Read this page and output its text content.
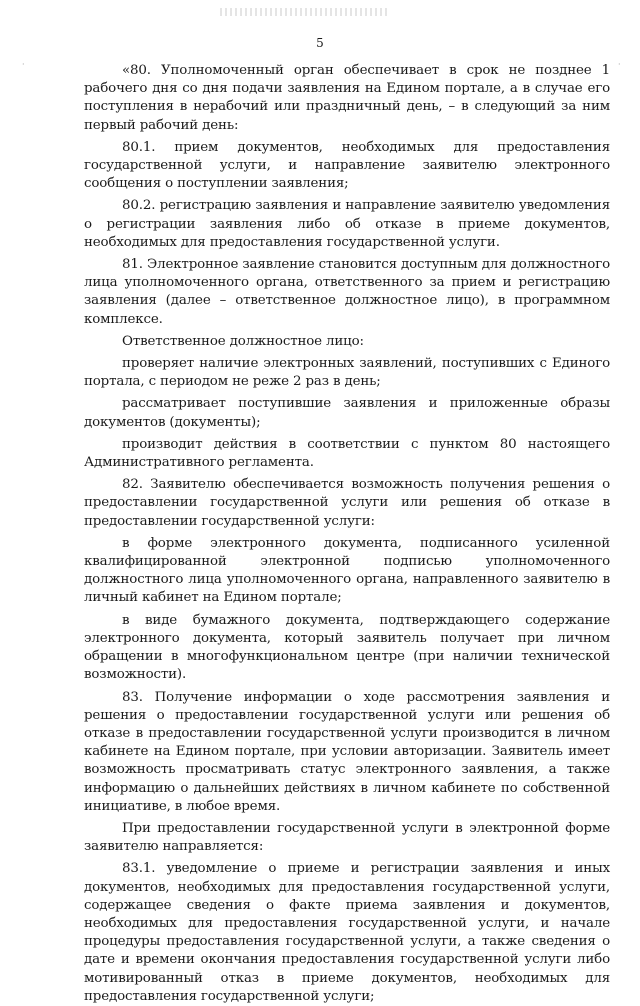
·	·
5

«80. Уполномоченный орган обеспечивает в срок не позднее 1 рабочего дня со дня подачи заявления на Едином портале, а в случае его поступления в нерабочий или праздничный день, – в следующий за ним первый рабочий день:

80.1. прием документов, необходимых для предоставления государственной услуги, и направление заявителю электронного сообщения о поступлении заявления;

80.2. регистрацию заявления и направление заявителю уведомления о регистрации заявления либо об отказе в приеме документов, необходимых для предоставления государственной услуги.

81. Электронное заявление становится доступным для должностного лица уполномоченного органа, ответственного за прием и регистрацию заявления (далее – ответственное должностное лицо), в программном комплексе.

Ответственное должностное лицо:

проверяет наличие электронных заявлений, поступивших с Единого портала, с периодом не реже 2 раз в день;

рассматривает поступившие заявления и приложенные образы документов (документы);

производит действия в соответствии с пунктом 80 настоящего Административного регламента.

82. Заявителю обеспечивается возможность получения решения о предоставлении государственной услуги или решения об отказе в предоставлении государственной услуги:

в форме электронного документа, подписанного усиленной квалифицированной электронной подписью уполномоченного должностного лица уполномоченного органа, направленного заявителю в личный кабинет на Едином портале;

в виде бумажного документа, подтверждающего содержание электронного документа, который заявитель получает при личном обращении в многофункциональном центре (при наличии технической возможности).

83. Получение информации о ходе рассмотрения заявления и решения о предоставлении государственной услуги или решения об отказе в предоставлении государственной услуги производится в личном кабинете на Едином портале, при условии авторизации. Заявитель имеет возможность просматривать статус электронного заявления, а также информацию о дальнейших действиях в личном кабинете по собственной инициативе, в любое время.

При предоставлении государственной услуги в электронной форме заявителю направляется:

83.1. уведомление о приеме и регистрации заявления и иных документов, необходимых для предоставления государственной услуги, содержащее сведения о факте приема заявления и документов, необходимых для предоставления государственной услуги, и начале процедуры предоставления государственной услуги, а также сведения о дате и времени окончания предоставления государственной услуги либо мотивированный отказ в приеме документов, необходимых для предоставления государственной услуги;
